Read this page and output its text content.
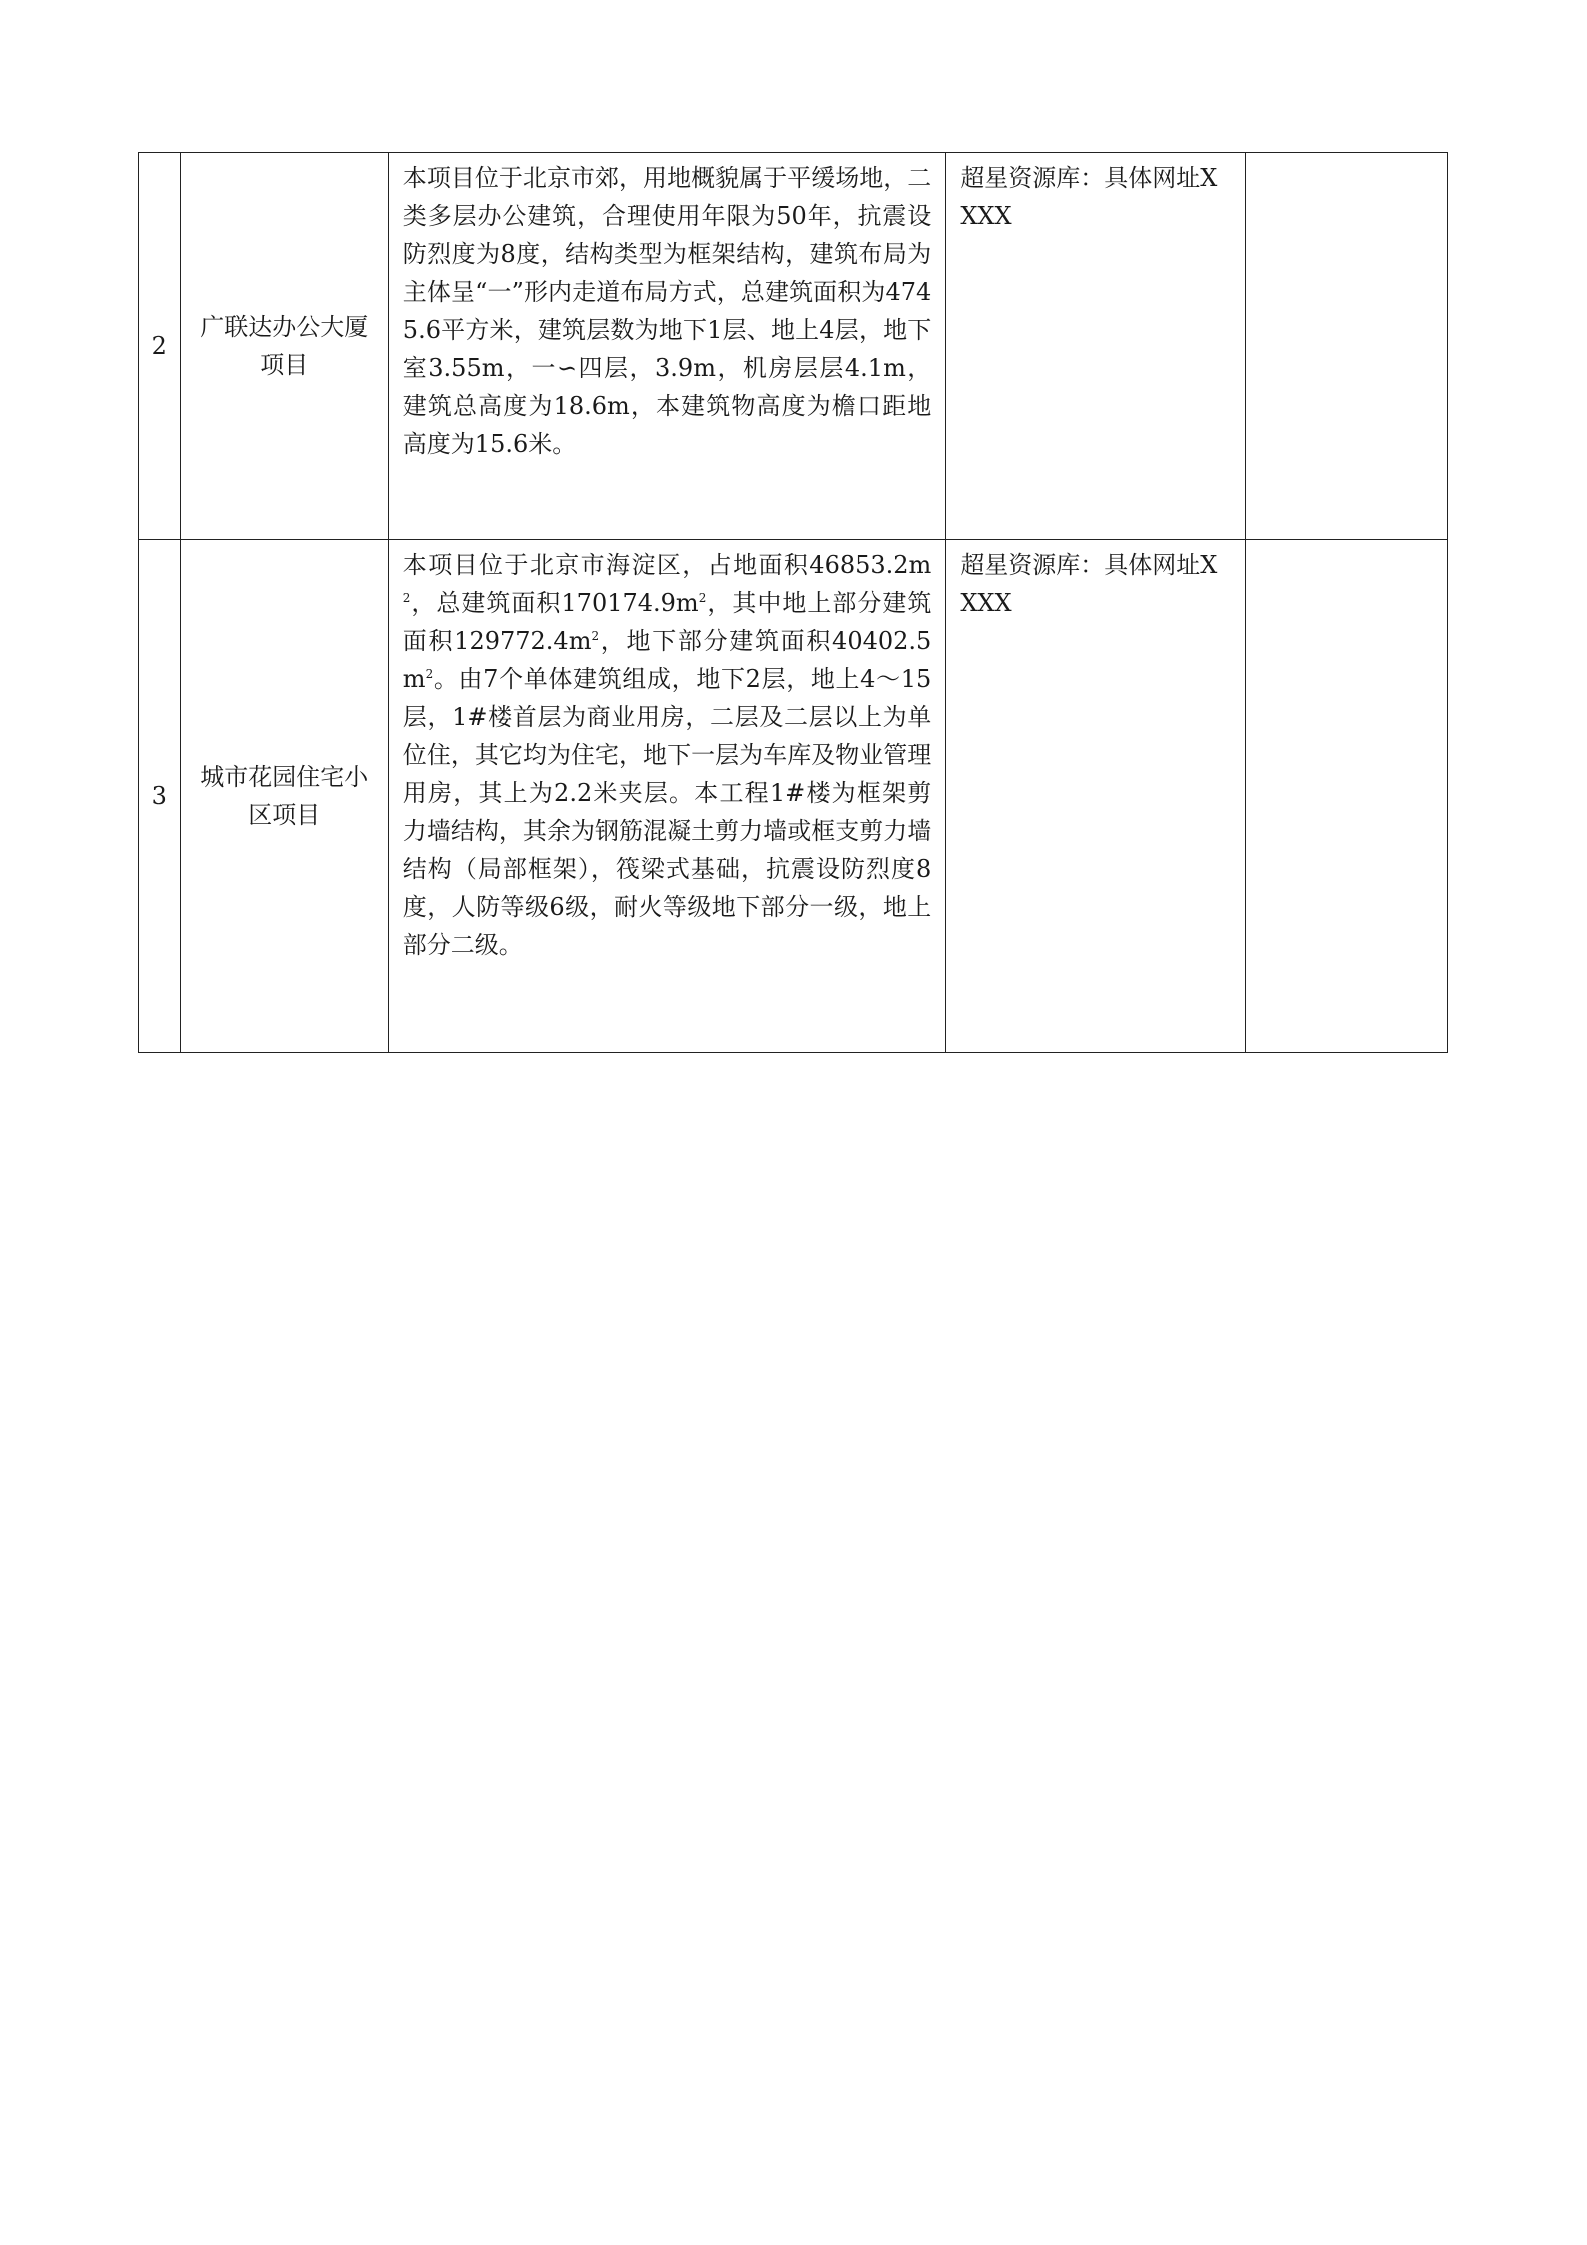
2	广联达办公大厦项目	本项目位于北京市郊，用地概貌属于平缓场地，二类多层办公建筑，合理使用年限为50年，抗震设防烈度为8度，结构类型为框架结构，建筑布局为主体呈“一”形内走道布局方式，总建筑面积为4745.6平方米，建筑层数为地下1层、地上4层，地下室3.55m，一∽四层，3.9m，机房层层4.1m，建筑总高度为18.6m，本建筑物高度为檐口距地高度为15.6米。	超星资源库：具体网址XXXX	
3	城市花园住宅小区项目	本项目位于北京市海淀区，占地面积$46853.2m^2$，总建筑面积$170174.9m^2$，其中地上部分建筑面积$129772.4m^2$，地下部分建筑面积$40402.5m^2$。由7个单体建筑组成，地下2层，地上4～15层，1#楼首层为商业用房，二层及二层以上为单位住，其它均为住宅，地下一层为车库及物业管理用房，其上为2.2米夹层。本工程1#楼为框架剪力墙结构，其余为钢筋混凝土剪力墙或框支剪力墙结构（局部框架），筏梁式基础，抗震设防烈度8度，人防等级6级，耐火等级地下部分一级，地上部分二级。	超星资源库：具体网址XXXX	
